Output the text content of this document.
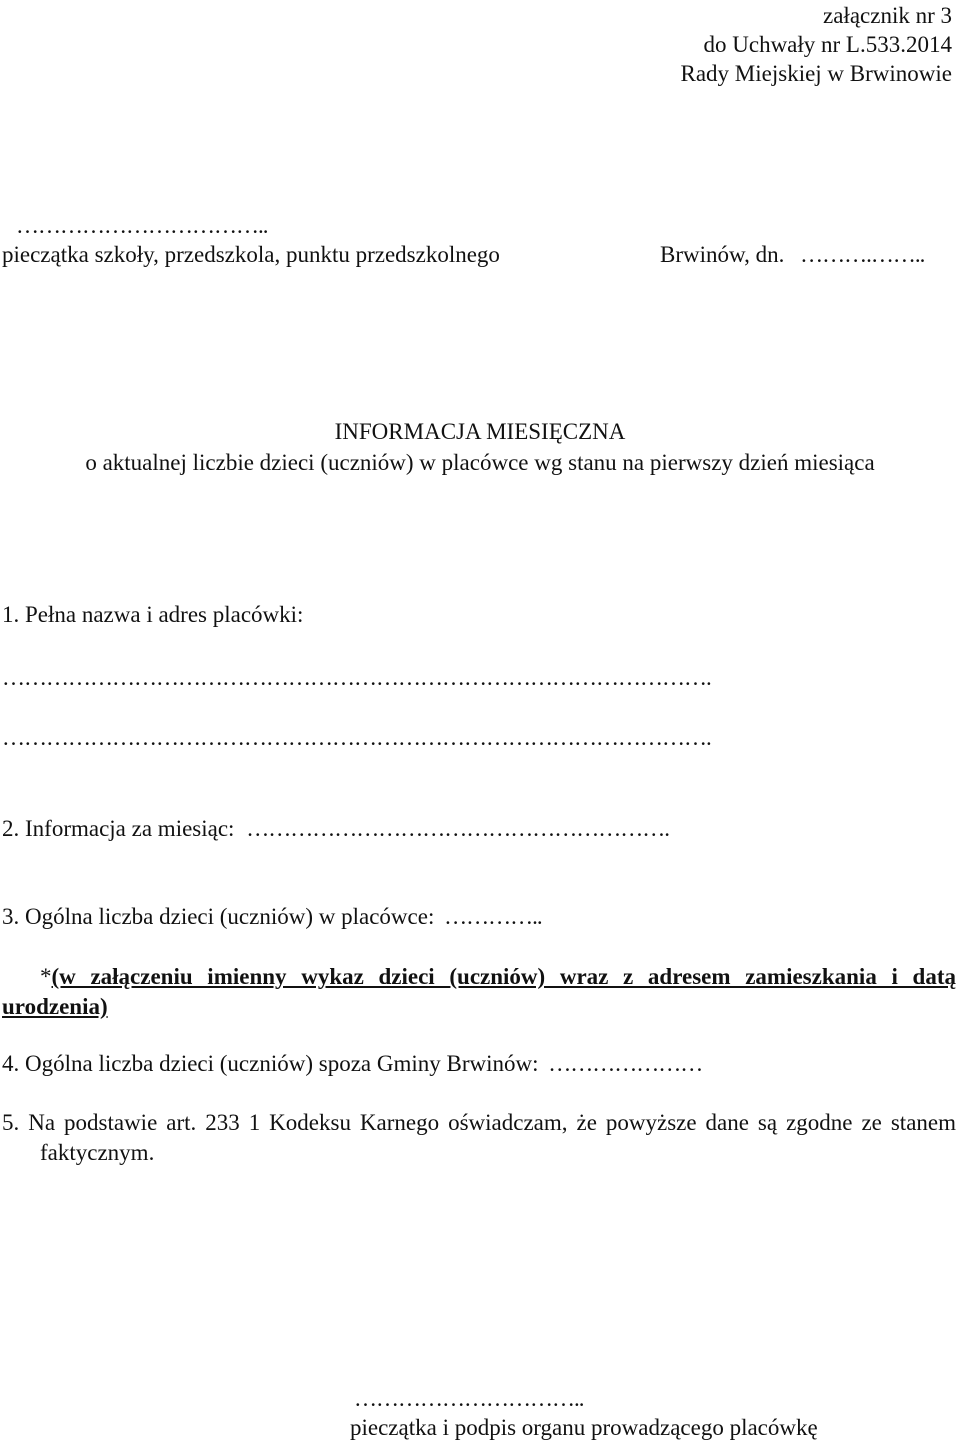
załącznik nr 3
do Uchwały nr L.533.2014
Rady Miejskiej w Brwinowie
……………………………..
pieczątka szkoły, przedszkola, punktu przedszkolnego	Brwinów, dn. ……….……..
INFORMACJA MIESIĘCZNA
o aktualnej liczbie dzieci (uczniów) w placówce wg stanu na pierwszy dzień miesiąca
1. Pełna nazwa i adres placówki:
…………………………………………………………………………………….
…………………………………………………………………………………….
2. Informacja za miesiąc: ………………………………………………….
3. Ogólna liczba dzieci (uczniów) w placówce: …………..
*(w załączeniu imienny wykaz dzieci (uczniów) wraz z adresem zamieszkania i datą urodzenia)
4. Ogólna liczba dzieci (uczniów) spoza Gminy Brwinów: …………………
5. Na podstawie art. 233 1 Kodeksu Karnego oświadczam, że powyższe dane są zgodne ze stanem faktycznym.
…………………………..
pieczątka i podpis organu prowadzącego placówkę
